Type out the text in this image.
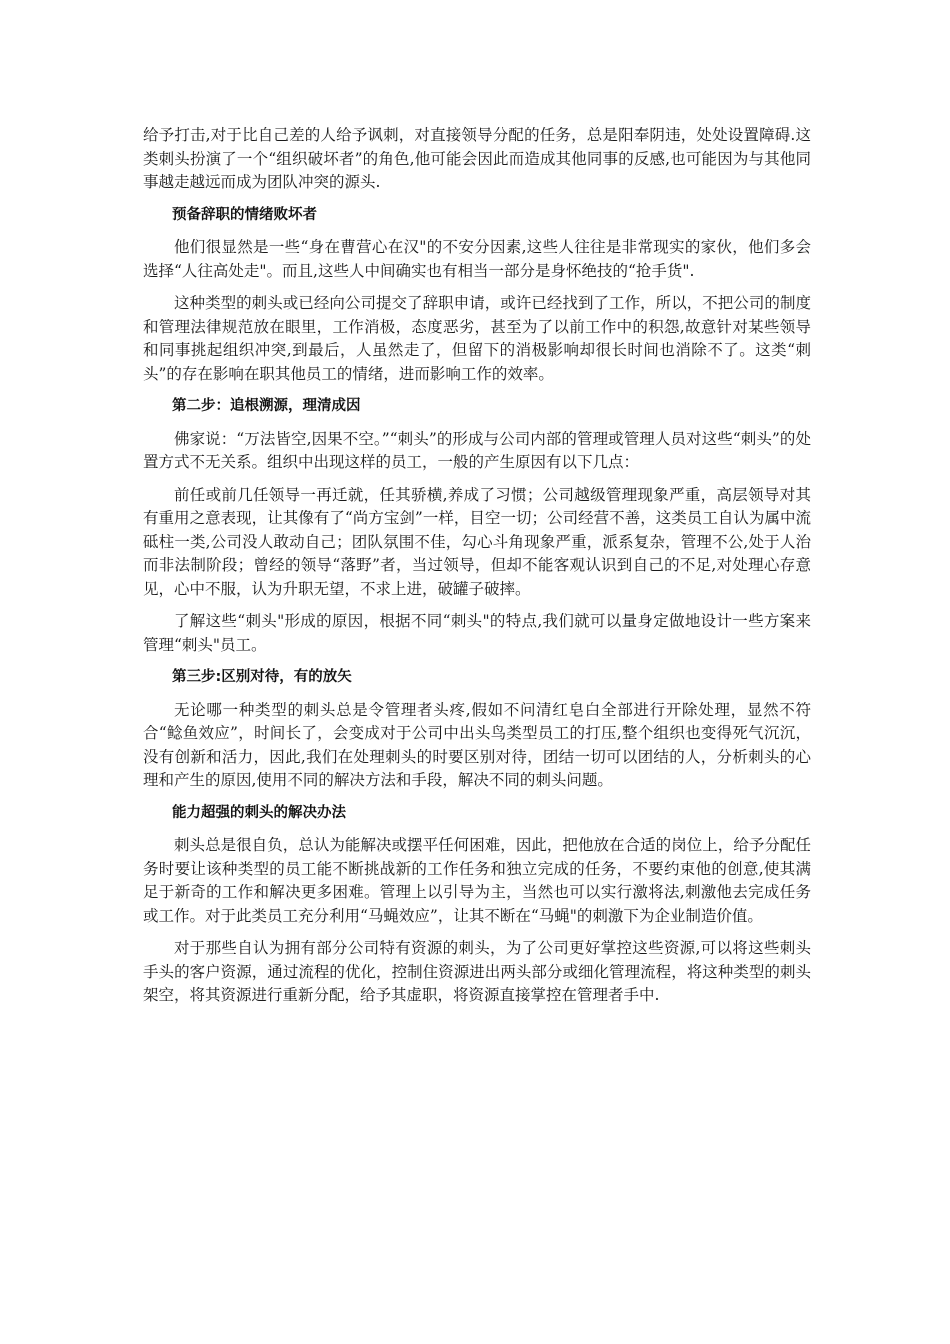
给予打击,对于比自己差的人给予讽刺，对直接领导分配的任务，总是阳奉阴违，处处设置障碍.这类刺头扮演了一个“组织破坏者”的角色,他可能会因此而造成其他同事的反感,也可能因为与其他同事越走越远而成为团队冲突的源头.

预备辞职的情绪败坏者

他们很显然是一些“身在曹营心在汉"的不安分因素,这些人往往是非常现实的家伙，他们多会选择“人往高处走"。而且,这些人中间确实也有相当一部分是身怀绝技的“抢手货".

这种类型的刺头或已经向公司提交了辞职申请，或许已经找到了工作，所以，不把公司的制度和管理法律规范放在眼里，工作消极，态度恶劣，甚至为了以前工作中的积怨,故意针对某些领导和同事挑起组织冲突,到最后，人虽然走了，但留下的消极影响却很长时间也消除不了。这类“刺头”的存在影响在职其他员工的情绪，进而影响工作的效率。

第二步：追根溯源，理清成因

佛家说：“万法皆空,因果不空。”“刺头”的形成与公司内部的管理或管理人员对这些“刺头”的处置方式不无关系。组织中出现这样的员工，一般的产生原因有以下几点：

前任或前几任领导一再迁就，任其骄横,养成了习惯；公司越级管理现象严重，高层领导对其有重用之意表现，让其像有了“尚方宝剑”一样，目空一切；公司经营不善，这类员工自认为属中流砥柱一类,公司没人敢动自己；团队氛围不佳，勾心斗角现象严重，派系复杂，管理不公,处于人治而非法制阶段；曾经的领导“落野”者，当过领导，但却不能客观认识到自己的不足,对处理心存意见，心中不服，认为升职无望，不求上进，破罐子破摔。

了解这些“刺头"形成的原因，根据不同“刺头"的特点,我们就可以量身定做地设计一些方案来管理“刺头"员工。

第三步:区别对待，有的放矢

无论哪一种类型的刺头总是令管理者头疼,假如不问清红皂白全部进行开除处理，显然不符合“鲶鱼效应”，时间长了，会变成对于公司中出头鸟类型员工的打压,整个组织也变得死气沉沉，没有创新和活力，因此,我们在处理刺头的时要区别对待，团结一切可以团结的人，分析刺头的心理和产生的原因,使用不同的解决方法和手段，解决不同的刺头问题。

能力超强的刺头的解决办法

刺头总是很自负，总认为能解决或摆平任何困难，因此，把他放在合适的岗位上，给予分配任务时要让该种类型的员工能不断挑战新的工作任务和独立完成的任务，不要约束他的创意,使其满足于新奇的工作和解决更多困难。管理上以引导为主，当然也可以实行激将法,刺激他去完成任务或工作。对于此类员工充分利用“马蝇效应”，让其不断在“马蝇"的刺激下为企业制造价值。

对于那些自认为拥有部分公司特有资源的刺头，为了公司更好掌控这些资源,可以将这些刺头手头的客户资源，通过流程的优化，控制住资源进出两头部分或细化管理流程，将这种类型的刺头架空，将其资源进行重新分配，给予其虚职，将资源直接掌控在管理者手中.
